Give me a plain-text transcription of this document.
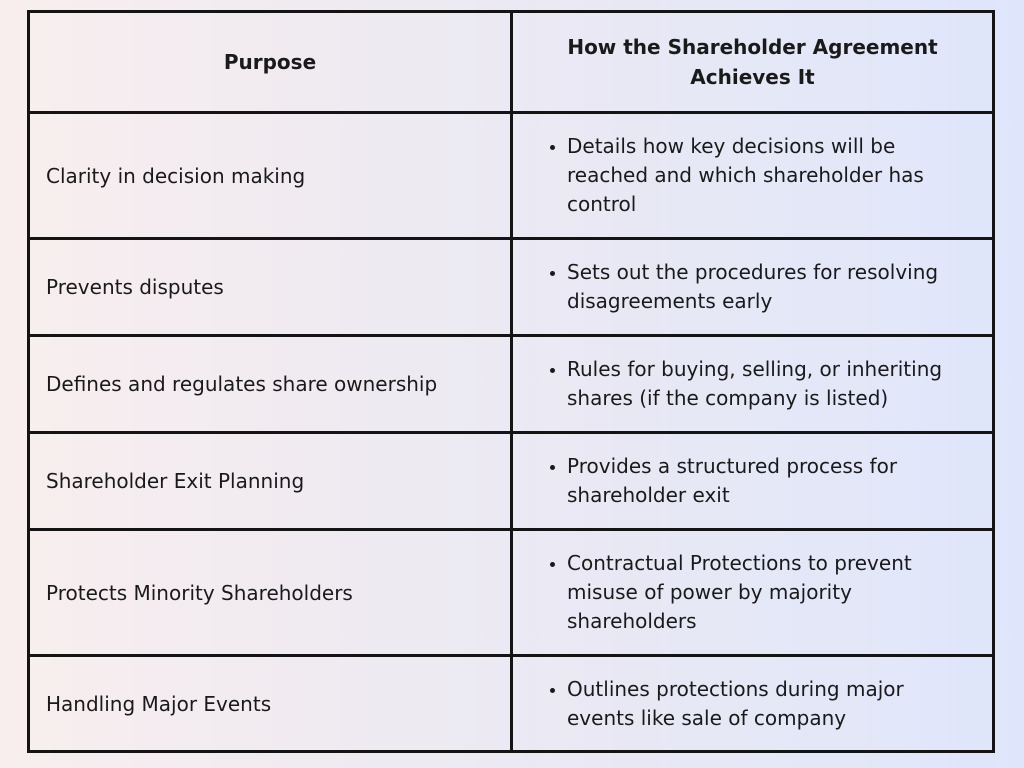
Purpose
How the Shareholder Agreement Achieves It
Clarity in decision making
• Details how key decisions will be reached and which shareholder has control
Prevents disputes
• Sets out the procedures for resolving disagreements early
Defines and regulates share ownership
• Rules for buying, selling, or inheriting shares (if the company is listed)
Shareholder Exit Planning
• Provides a structured process for shareholder exit
Protects Minority Shareholders
• Contractual Protections to prevent misuse of power by majority shareholders
Handling Major Events
• Outlines protections during major events like sale of company
